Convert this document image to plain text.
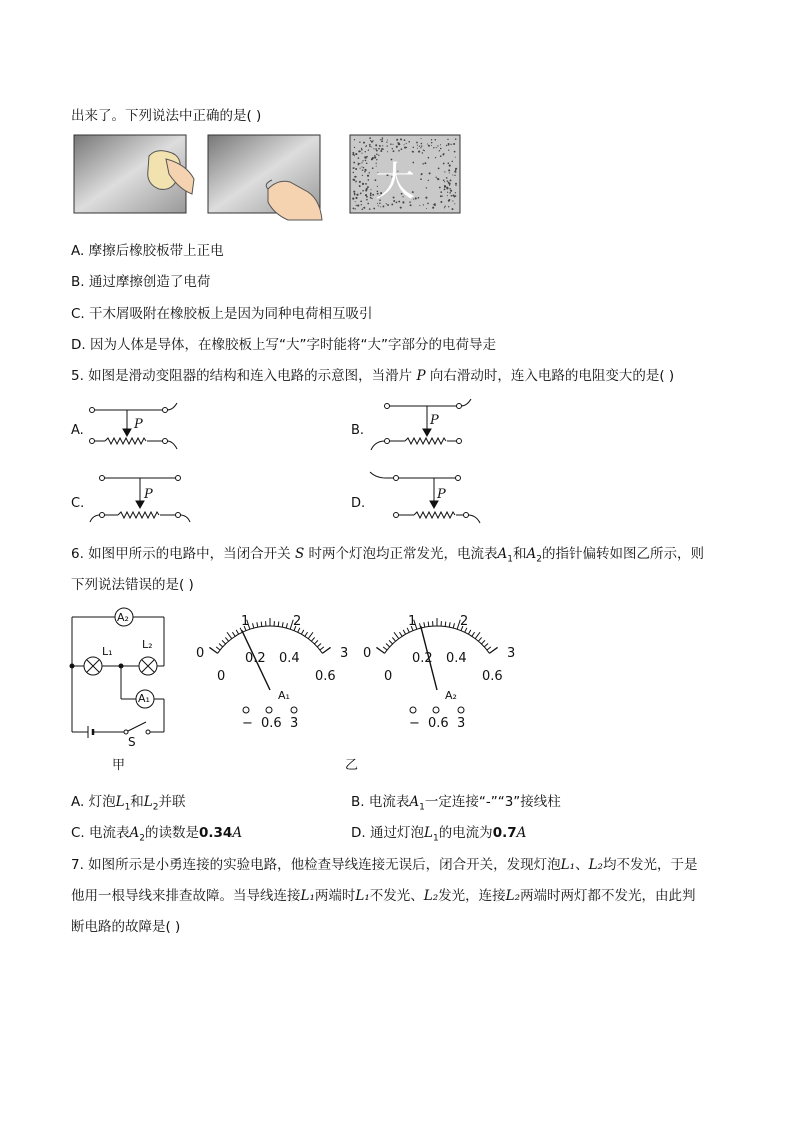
出来了。下列说法中正确的是( )
大
A. 摩擦后橡胶板带上正电
B. 通过摩擦创造了电荷
C. 干木屑吸附在橡胶板上是因为同种电荷相互吸引
D. 因为人体是导体，在橡胶板上写“大”字时能将“大”字部分的电荷导走
5. 如图是滑动变阻器的结构和连入电路的示意图，当滑片 P 向右滑动时，连入电路的电阻变大的是( )
A.	B.
C.	D.
P	P
P	P
6. 如图甲所示的电路中，当闭合开关 S 时两个灯泡均正常发光，电流表$A_1$和$A_2$的指针偏转如图乙所示，则
下列说法错误的是( )
A₂
L₁
L₂
A₁
S
甲
0
1	2
3
0
0.2 0.4
0.6
A₁
− 0.6 3
0
1	2
3
0
0.2 0.4
0.6
A₂
− 0.6 3
乙
A. 灯泡$L_1$和$L_2$并联	B. 电流表$A_1$一定连接“-”“3”接线柱
C. 电流表$A_2$的读数是0.34A	D. 通过灯泡$L_1$的电流为0.7A
7. 如图所示是小勇连接的实验电路，他检查导线连接无误后，闭合开关，发现灯泡L₁、L₂均不发光，于是
他用一根导线来排查故障。当导线连接L₁两端时L₁不发光、L₂发光，连接L₂两端时两灯都不发光，由此判
断电路的故障是( )
